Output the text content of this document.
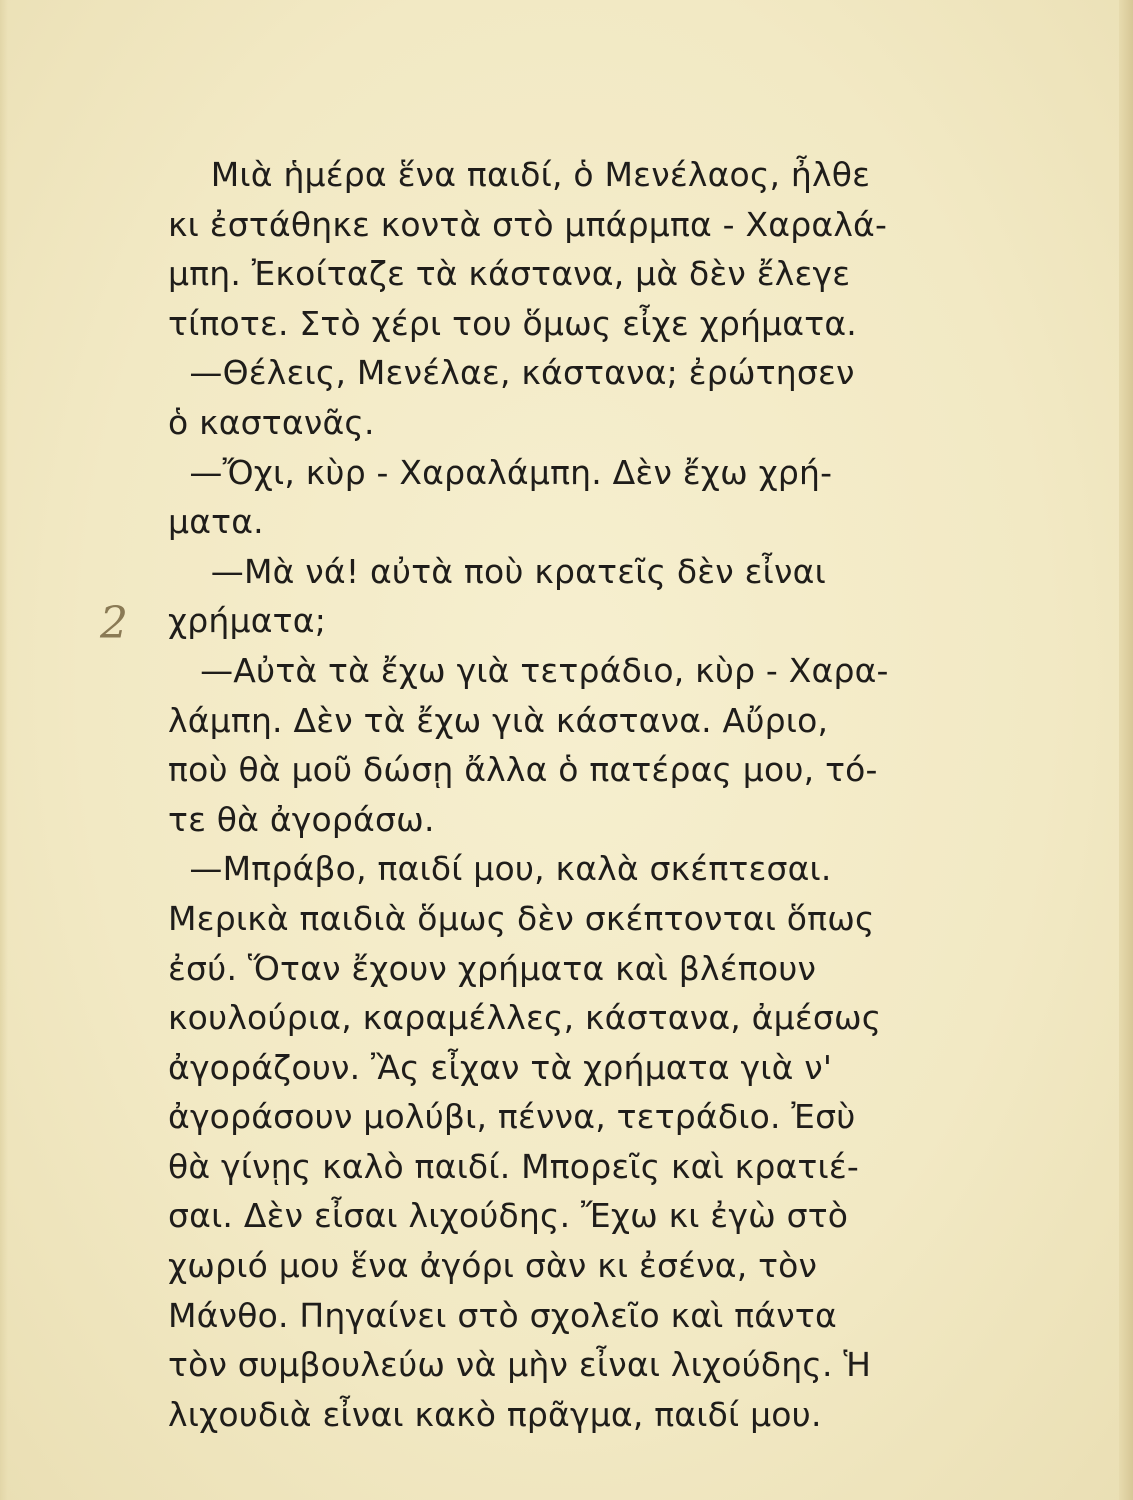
2
Μιὰ ἡμέρα ἕνα παιδί, ὁ Μενέλαος, ἦλθε
κι ἐστάθηκε κοντὰ στὸ μπάρμπα - Χαραλά-
μπη. Ἐκοίταζε τὰ κάστανα, μὰ δὲν ἔλεγε
τίποτε. Στὸ χέρι του ὅμως εἶχε χρήματα.
—Θέλεις, Μενέλαε, κάστανα; ἐρώτησεν
ὁ καστανᾶς.
—Ὄχι, κὺρ - Χαραλάμπη. Δὲν ἔχω χρή-
ματα.
—Μὰ νά! αὐτὰ ποὺ κρατεῖς δὲν εἶναι
χρήματα;
—Αὐτὰ τὰ ἔχω γιὰ τετράδιο, κὺρ - Χαρα-
λάμπη. Δὲν τὰ ἔχω γιὰ κάστανα. Αὔριο,
ποὺ θὰ μοῦ δώσῃ ἄλλα ὁ πατέρας μου, τό-
τε θὰ ἀγοράσω.
—Μπράβο, παιδί μου, καλὰ σκέπτεσαι.
Μερικὰ παιδιὰ ὅμως δὲν σκέπτονται ὅπως
ἐσύ. Ὅταν ἔχουν χρήματα καὶ βλέπουν
κουλούρια, καραμέλλες, κάστανα, ἀμέσως
ἀγοράζουν. Ἂς εἶχαν τὰ χρήματα γιὰ ν'
ἀγοράσουν μολύβι, πέννα, τετράδιο. Ἐσὺ
θὰ γίνῃς καλὸ παιδί. Μπορεῖς καὶ κρατιέ-
σαι. Δὲν εἶσαι λιχούδης. Ἔχω κι ἐγὼ στὸ
χωριό μου ἕνα ἀγόρι σὰν κι ἐσένα, τὸν
Μάνθο. Πηγαίνει στὸ σχολεῖο καὶ πάντα
τὸν συμβουλεύω νὰ μὴν εἶναι λιχούδης. Ἡ
λιχουδιὰ εἶναι κακὸ πρᾶγμα, παιδί μου.
